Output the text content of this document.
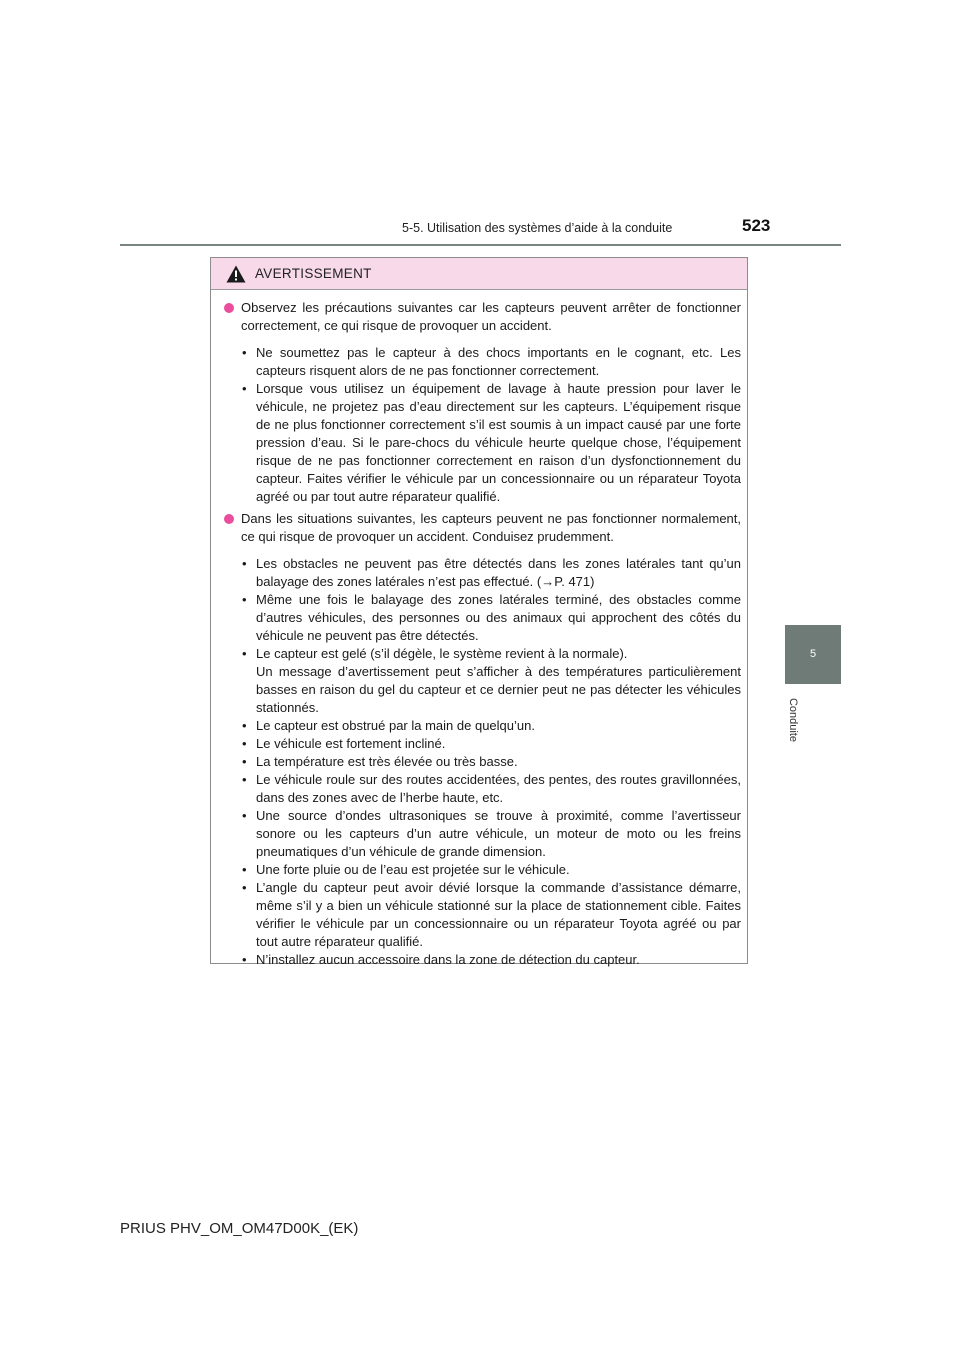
5-5. Utilisation des systèmes d’aide à la conduite	523
5
Conduite
AVERTISSEMENT
Observez les précautions suivantes car les capteurs peuvent arrêter de fonctionner correctement, ce qui risque de provoquer un accident.
• Ne soumettez pas le capteur à des chocs importants en le cognant, etc. Les capteurs risquent alors de ne pas fonctionner correctement.
• Lorsque vous utilisez un équipement de lavage à haute pression pour laver le véhicule, ne projetez pas d’eau directement sur les capteurs. L’équipement risque de ne plus fonctionner correctement s’il est soumis à un impact causé par une forte pression d’eau. Si le pare-chocs du véhicule heurte quelque chose, l’équipement risque de ne pas fonctionner correctement en raison d’un dysfonctionnement du capteur. Faites vérifier le véhicule par un concessionnaire ou un réparateur Toyota agréé ou par tout autre réparateur qualifié.
Dans les situations suivantes, les capteurs peuvent ne pas fonctionner normalement, ce qui risque de provoquer un accident. Conduisez prudemment.
• Les obstacles ne peuvent pas être détectés dans les zones latérales tant qu’un balayage des zones latérales n’est pas effectué. (→P. 471)
• Même une fois le balayage des zones latérales terminé, des obstacles comme d’autres véhicules, des personnes ou des animaux qui approchent des côtés du véhicule ne peuvent pas être détectés.
• Le capteur est gelé (s’il dégèle, le système revient à la normale).
Un message d’avertissement peut s’afficher à des températures particulièrement basses en raison du gel du capteur et ce dernier peut ne pas détecter les véhicules stationnés.
• Le capteur est obstrué par la main de quelqu’un.
• Le véhicule est fortement incliné.
• La température est très élevée ou très basse.
• Le véhicule roule sur des routes accidentées, des pentes, des routes gravillonnées, dans des zones avec de l’herbe haute, etc.
• Une source d’ondes ultrasoniques se trouve à proximité, comme l’avertisseur sonore ou les capteurs d’un autre véhicule, un moteur de moto ou les freins pneumatiques d’un véhicule de grande dimension.
• Une forte pluie ou de l’eau est projetée sur le véhicule.
• L’angle du capteur peut avoir dévié lorsque la commande d’assistance démarre, même s’il y a bien un véhicule stationné sur la place de stationnement cible. Faites vérifier le véhicule par un concessionnaire ou un réparateur Toyota agréé ou par tout autre réparateur qualifié.
• N’installez aucun accessoire dans la zone de détection du capteur.
PRIUS PHV_OM_OM47D00K_(EK)
